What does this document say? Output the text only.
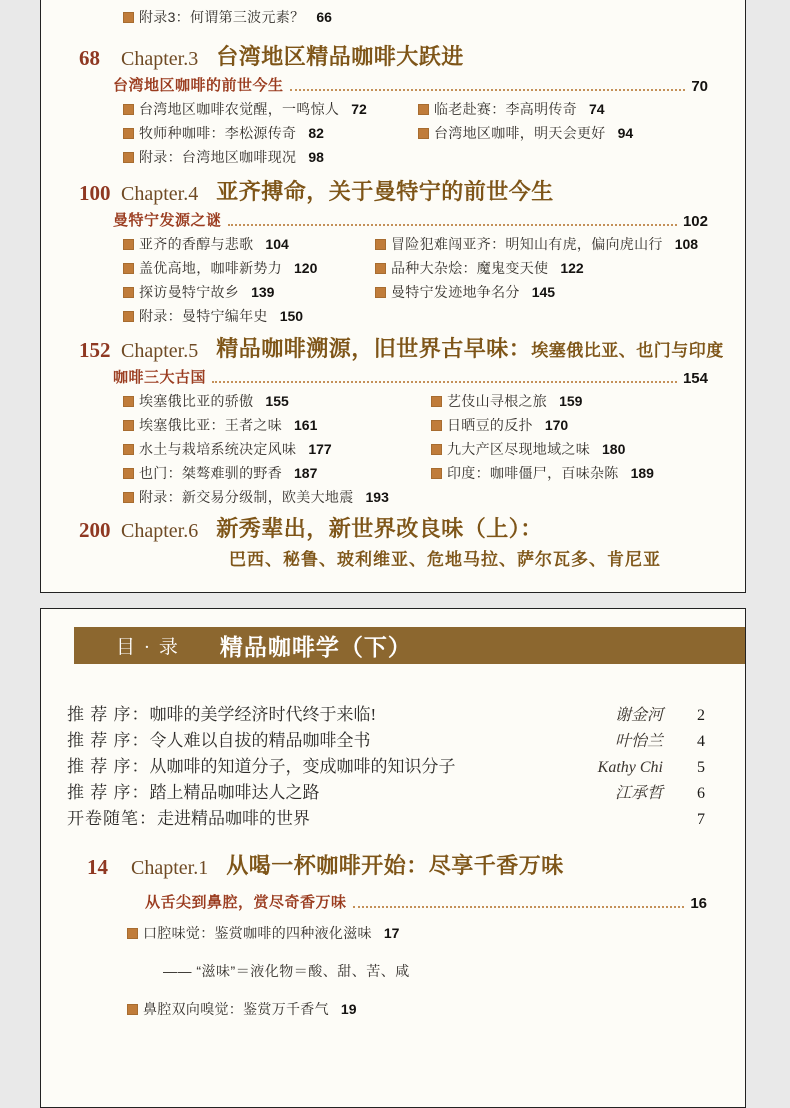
附录3：何谓第三波元素？ 66
68	Chapter.3 台湾地区精品咖啡大跃进
台湾地区咖啡的前世今生	70
台湾地区咖啡农觉醒，一鸣惊人 72	临老赴赛：李高明传奇 74
牧师种咖啡：李松源传奇 82	台湾地区咖啡，明天会更好 94
附录：台湾地区咖啡现况 98
100 Chapter.4 亚齐搏命，关于曼特宁的前世今生
曼特宁发源之谜	102
亚齐的香醇与悲歌 104	冒险犯难闯亚齐：明知山有虎，偏向虎山行 108
盖优高地，咖啡新势力 120	品种大杂烩：魔鬼变天使 122
探访曼特宁故乡 139	曼特宁发迹地争名分 145
附录：曼特宁编年史 150
152 Chapter.5 精品咖啡溯源，旧世界古早味：埃塞俄比亚、也门与印度
咖啡三大古国	154
埃塞俄比亚的骄傲 155	艺伎山寻根之旅 159
埃塞俄比亚：王者之味 161	日晒豆的反扑 170
水土与栽培系统决定风味 177	九大产区尽现地域之味 180
也门：桀骜难驯的野香 187	印度：咖啡僵尸，百味杂陈 189
附录：新交易分级制，欧美大地震 193
200 Chapter.6 新秀辈出，新世界改良味（上）：
巴西、秘鲁、玻利维亚、危地马拉、萨尔瓦多、肯尼亚
目 · 录 精品咖啡学（下）
推 荐 序： 咖啡的美学经济时代终于来临!	谢金河	2
推 荐 序： 令人难以自拔的精品咖啡全书	叶怡兰	4
推 荐 序： 从咖啡的知道分子，变成咖啡的知识分子	Kathy Chi	5
推 荐 序： 踏上精品咖啡达人之路	江承哲	6
开卷随笔： 走进精品咖啡的世界	7
14	Chapter.1 从喝一杯咖啡开始：尽享千香万味
从舌尖到鼻腔，赏尽奇香万味	16
口腔味觉：鉴赏咖啡的四种液化滋味 17
—— “滋味”＝液化物＝酸、甜、苦、咸
鼻腔双向嗅觉：鉴赏万千香气 19
